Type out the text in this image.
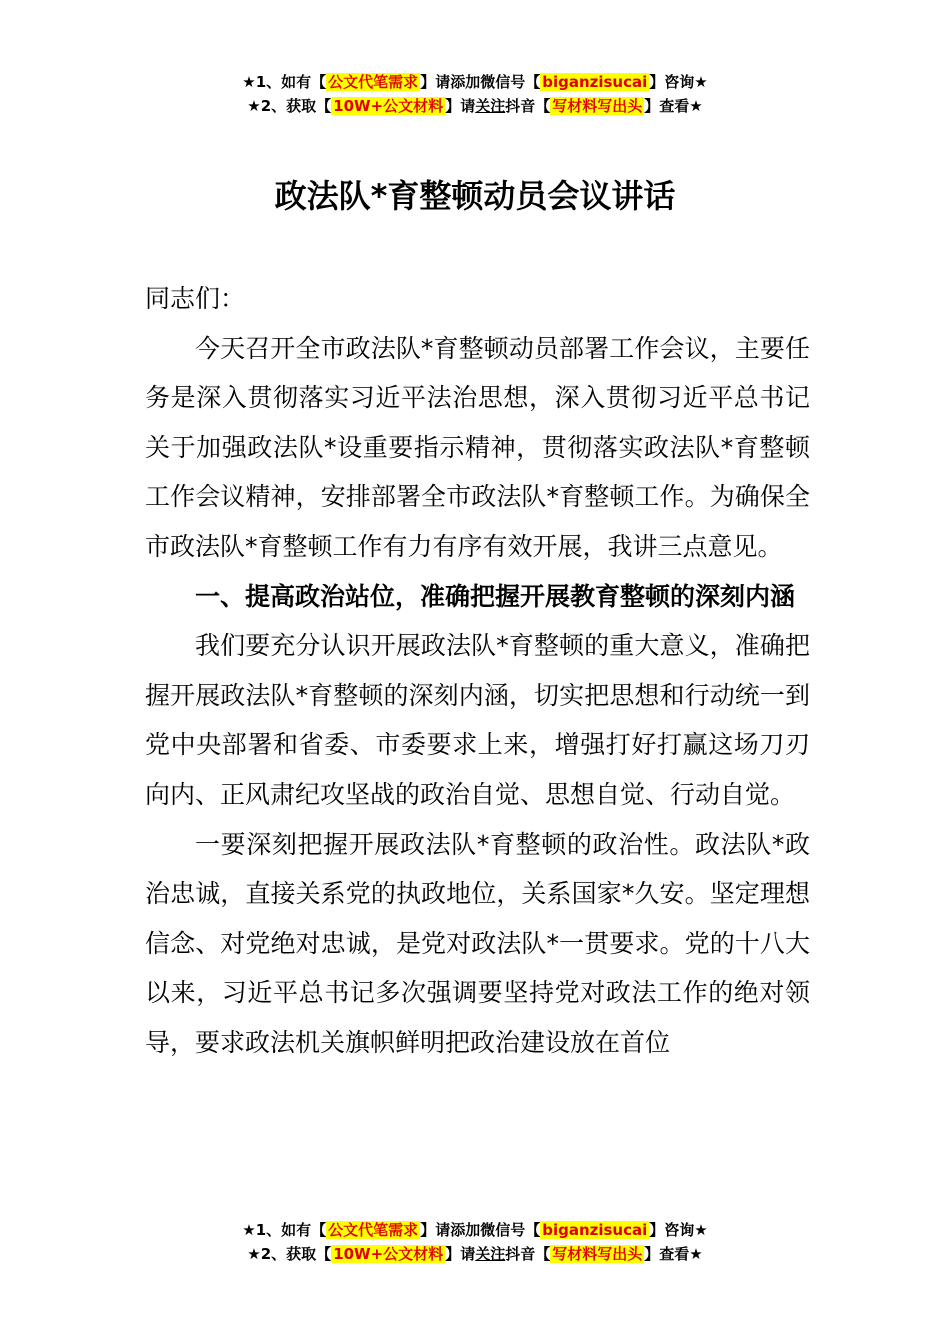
★1、如有【 公文代笔需求 】请添加微信号【 biganzisucai 】咨询★
★2、获取【 10W+公文材料 】请关注抖音【 写材料写出头 】查看★
政法队*育整顿动员会议讲话

同志们：

今天召开全市政法队*育整顿动员部署工作会议，主要任务是深入贯彻落实习近平法治思想，深入贯彻习近平总书记关于加强政法队*设重要指示精神，贯彻落实政法队*育整顿工作会议精神，安排部署全市政法队*育整顿工作。为确保全市政法队*育整顿工作有力有序有效开展，我讲三点意见。

一、提高政治站位，准确把握开展教育整顿的深刻内涵

我们要充分认识开展政法队*育整顿的重大意义，准确把握开展政法队*育整顿的深刻内涵，切实把思想和行动统一到党中央部署和省委、市委要求上来，增强打好打赢这场刀刃向内、正风肃纪攻坚战的政治自觉、思想自觉、行动自觉。

一要深刻把握开展政法队*育整顿的政治性。政法队*政治忠诚，直接关系党的执政地位，关系国家*久安。坚定理想信念、对党绝对忠诚，是党对政法队*一贯要求。党的十八大以来，习近平总书记多次强调要坚持党对政法工作的绝对领导，要求政法机关旗帜鲜明把政治建设放在首位

★1、如有【 公文代笔需求 】请添加微信号【 biganzisucai 】咨询★
★2、获取【 10W+公文材料 】请关注抖音【 写材料写出头 】查看★
